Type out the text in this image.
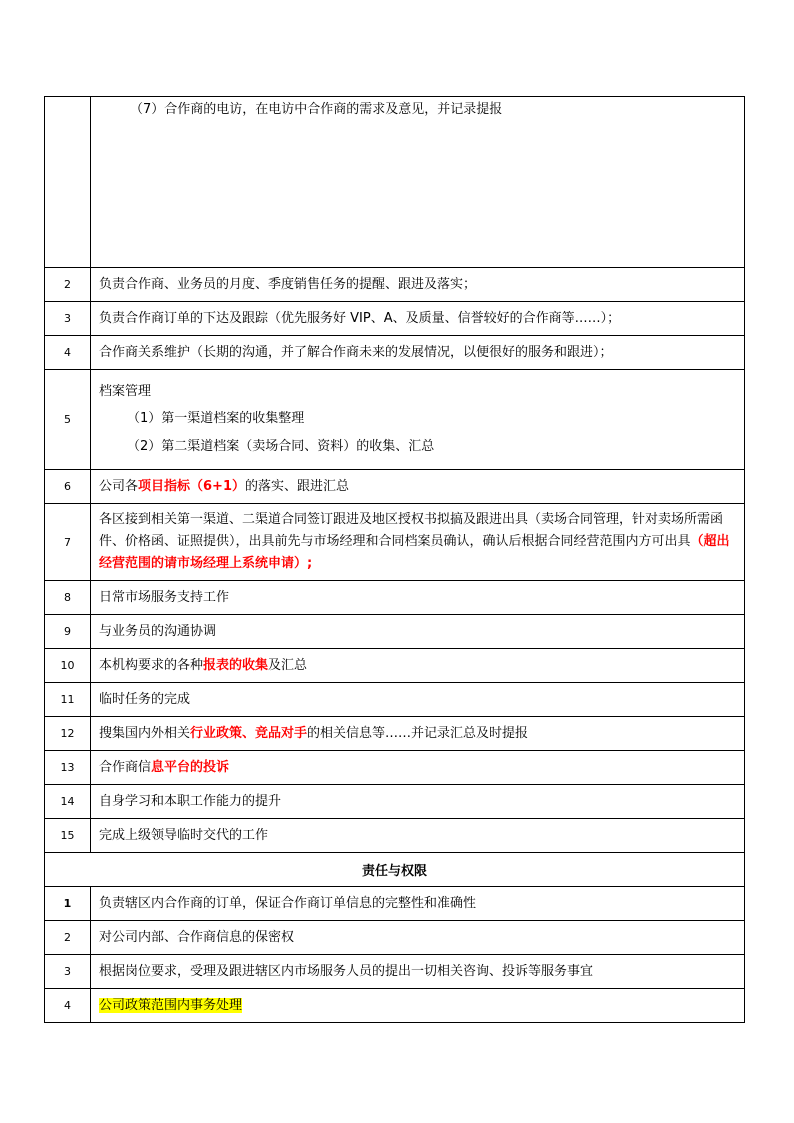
	（7）合作商的电访，在电访中合作商的需求及意见，并记录提报

2	负责合作商、业务员的月度、季度销售任务的提醒、跟进及落实；
3	负责合作商订单的下达及跟踪（优先服务好 VIP、A、及质量、信誉较好的合作商等……）；
4	合作商关系维护（长期的沟通，并了解合作商未来的发展情况，以便很好的服务和跟进）；
5	档案管理
（1）第一渠道档案的收集整理
（2）第二渠道档案（卖场合同、资料）的收集、汇总

6	公司各项目指标（6+1）的落实、跟进汇总
7	各区接到相关第一渠道、二渠道合同签订跟进及地区授权书拟搞及跟进出具（卖场合同管理，针对卖场所需函件、价格函、证照提供），出具前先与市场经理和合同档案员确认，确认后根据合同经营范围内方可出具（超出经营范围的请市场经理上系统申请）;
8	日常市场服务支持工作
9	与业务员的沟通协调
10	本机构要求的各种报表的收集及汇总
11	临时任务的完成
12	搜集国内外相关行业政策、竞品对手的相关信息等……并记录汇总及时提报
13	合作商信息平台的投诉
14	自身学习和本职工作能力的提升
15	完成上级领导临时交代的工作
责任与权限	
1	负责辖区内合作商的订单，保证合作商订单信息的完整性和准确性
2	对公司内部、合作商信息的保密权
3	根据岗位要求，受理及跟进辖区内市场服务人员的提出一切相关咨询、投诉等服务事宜
4	公司政策范围内事务处理
